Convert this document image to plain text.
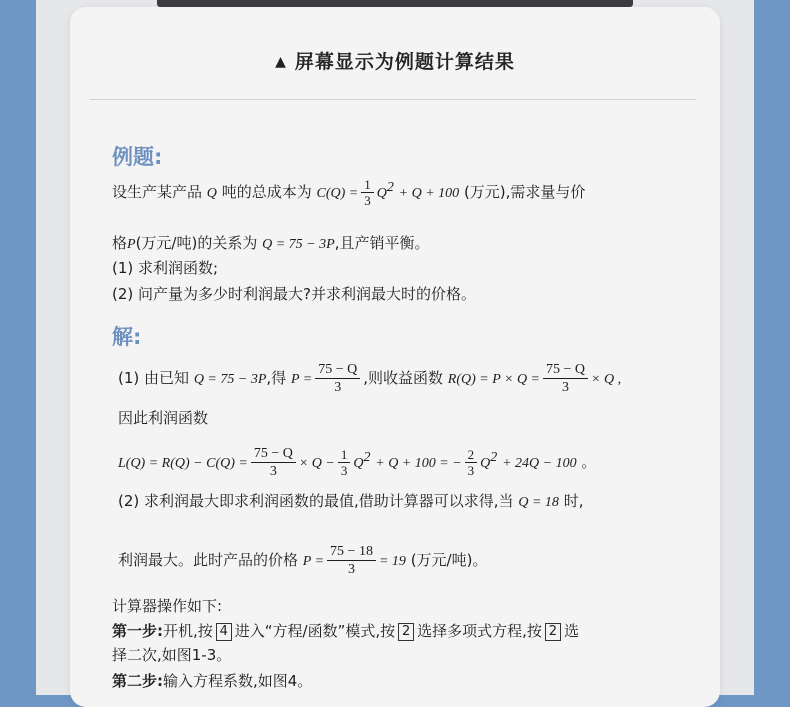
▲ 屏幕显示为例题计算结果
例题:
设生产某产品 Q 吨的总成本为 $C(Q) = \frac{1}{3} Q^2 + Q + 100$ (万元),需求量与价
格P(万元/吨)的关系为 Q = 75 − 3P,且产销平衡。
(1) 求利润函数;
(2) 问产量为多少时利润最大?并求利润最大时的价格。
解:
(1) 由已知 Q = 75 − 3P,得 $P = \frac{75 - Q}{3}$ ,则收益函数 $R(Q) = P \times Q = \frac{75 - Q}{3} \times Q$ ,
因此利润函数
$L(Q) = R(Q) - C(Q) = \frac{75 - Q}{3} \times Q - \frac{1}{3} Q^2 + Q + 100$ = − $\frac{2}{3} Q^2 + 24Q - 100$ 。
(2) 求利润最大即求利润函数的最值,借助计算器可以求得,当 Q = 18 时,
利润最大。此时产品的价格 $P = \frac{75 - 18}{3} = 19$ (万元/吨)。
计算器操作如下:
第一步:开机,按 4 进入“方程/函数”模式,按 2 选择多项式方程,按 2 选
择二次,如图1-3。
第二步:输入方程系数,如图4。
